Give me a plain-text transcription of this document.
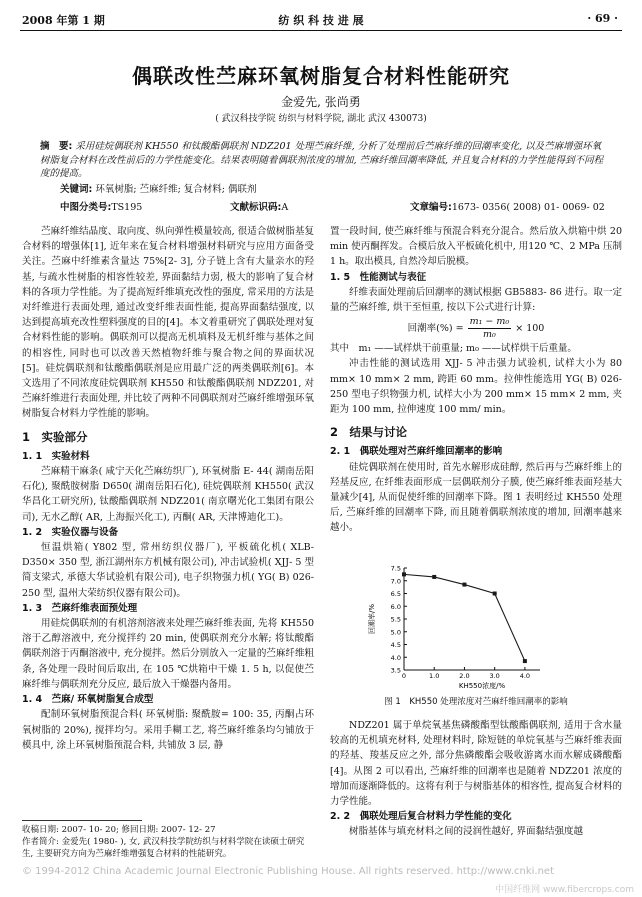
2008 年第 1 期	纺 织 科 技 进 展	· 69 ·
偶联改性苎麻环氧树脂复合材料性能研究
金爱先, 张尚勇
( 武汉科技学院 纺织与材料学院, 湖北 武汉 430073)
摘　要: 采用硅烷偶联剂 KH550 和钛酸酯偶联剂 NDZ201 处理苎麻纤维, 分析了处理前后苎麻纤维的回潮率变化, 以及苎麻增强环氧树脂复合材料在改性前后的力学性能变化。结果表明随着偶联剂浓度的增加, 苎麻纤维回潮率降低, 并且复合材料的力学性能得到不同程度的提高。
关键词: 环氧树脂; 苎麻纤维; 复合材料; 偶联剂
中图分类号:TS195	文献标识码:A	文章编号:1673- 0356( 2008) 01- 0069- 02

苎麻纤维结晶度、取向度、纵向弹性模量较高, 很适合做树脂基复合材料的增强体[1], 近年来在复合材料增强材料研究与应用方面备受关注。苎麻中纤维素含量达 75%[2- 3], 分子链上含有大量亲水的羟基, 与疏水性树脂的相容性较差, 界面黏结力弱, 极大的影响了复合材料的各项力学性能。为了提高短纤维填充改性的强度, 常采用的方法是对纤维进行表面处理, 通过改变纤维表面性能, 提高界面黏结强度, 以达到提高填充改性塑料强度的目的[4]。本文着重研究了偶联处理对复合材料性能的影响。偶联剂可以提高无机填料及无机纤维与基体之间的相容性, 同时也可以改善天然植物纤维与聚合物之间的界面状况[5]。硅烷偶联剂和钛酸酯偶联剂是应用最广泛的两类偶联剂[6]。本文选用了不同浓度硅烷偶联剂 KH550 和钛酸酯偶联剂 NDZ201, 对苎麻纤维进行表面处理, 并比较了两种不同偶联剂对苎麻纤维增强环氧树脂复合材料力学性能的影响。

1　实验部分
1. 1　实验材料

苎麻精干麻条( 咸宁天化苎麻纺织厂), 环氧树脂 E- 44( 湖南岳阳石化), 聚酰胺树脂 D650( 湖南岳阳石化), 硅烷偶联剂 KH550( 武汉华昌化工研究所), 钛酸酯偶联剂 NDZ201( 南京曙光化工集团有限公司), 无水乙醇( AR, 上海振兴化工), 丙酮( AR, 天津博迪化工)。

1. 2　实验仪器与设备

恒温烘箱( Y802 型, 常州纺织仪器厂), 平板硫化机( XLB- D350× 350 型, 浙江湖州东方机械有限公司), 冲击试验机( XJJ- 5 型简支梁式, 承德大华试验机有限公司), 电子织物强力机( YG( B) 026- 250 型, 温州大荣纺织仪器有限公司)。

1. 3　苎麻纤维表面预处理

用硅烷偶联剂的有机溶剂溶液来处理苎麻纤维表面, 先将 KH550 溶于乙醇溶液中, 充分搅拌约 20 min, 使偶联剂充分水解; 将钛酸酯偶联剂溶于丙酮溶液中, 充分搅拌。然后分别放入一定量的苎麻纤维粗条, 各处理一段时间后取出, 在 105 ℃烘箱中干燥 1. 5 h, 以促使苎麻纤维与偶联剂充分反应, 最后放入干燥器内备用。

1. 4　苎麻/ 环氧树脂复合成型

配制环氧树脂预混合料( 环氧树脂: 聚酰胺= 100: 35, 丙酮占环氧树脂的 20%), 搅拌均匀。采用手糊工艺, 将苎麻纤维条均匀铺放于模具中, 涂上环氧树脂预混合料, 共铺放 3 层, 静

收稿日期: 2007- 10- 20; 修回日期: 2007- 12- 27
作者简介: 金爱先( 1980- ), 女, 武汉科技学院纺织与材料学院在读硕士研究生, 主要研究方向为苎麻纤维增强复合材料的性能研究。

置一段时间, 使苎麻纤维与预混合料充分混合。然后放入烘箱中烘 20 min 使丙酮挥发。合模后放入平板硫化机中, 用120 ℃、2 MPa 压制 1 h。取出模具, 自然冷却后脱模。

1. 5　性能测试与表征

纤维表面处理前后回潮率的测试根据 GB5883- 86 进行。取一定量的苎麻纤维, 烘干至恒重, 按以下公式进行计算:

回潮率(%) = $\frac{\text{m₁ − m₀}}{\text{m₀}} \times 100$

其中　m₁ ——试样烘干前重量; m₀ ——试样烘干后重量。

冲击性能的测试选用 XJJ- 5 冲击强力试验机, 试样大小为 80 mm× 10 mm× 2 mm, 跨距 60 mm。拉伸性能选用 YG( B) 026- 250 型电子织物强力机, 试样大小为 200 mm× 15 mm× 2 mm, 夹距为 100 mm, 拉伸速度 100 mm/ min。

2　结果与讨论
2. 1　偶联处理对苎麻纤维回潮率的影响

硅烷偶联剂在使用时, 首先水解形成硅醇, 然后再与苎麻纤维上的羟基反应, 在纤维表面形成一层偶联剂分子膜, 使苎麻纤维表面羟基大量减少[4], 从而促使纤维的回潮率下降。图 1 表明经过 KH550 处理后, 苎麻纤维的回潮率下降, 而且随着偶联剂浓度的增加, 回潮率越来越小。

3.5
4.0
4.5
5.0
5.5
6.0
6.5
7.0
7.5
0	1.0	2.0	3.0	4.0
回潮率/%
KH550浓度/%
图 1　KH550 处理浓度对苎麻纤维回潮率的影响

NDZ201 属于单烷氧基焦磷酸酯型钛酸酯偶联剂, 适用于含水量较高的无机填充材料, 处理材料时, 除短链的单烷氧基与苎麻纤维表面的羟基、羧基反应之外, 部分焦磷酸酯会吸收游离水而水解成磷酸酯[4]。从图 2 可以看出, 苎麻纤维的回潮率也是随着 NDZ201 浓度的增加而逐渐降低的。这将有利于与树脂基体的相容性, 提高复合材料的力学性能。

2. 2　偶联处理后复合材料力学性能的变化

树脂基体与填充材料之间的浸润性越好, 界面黏结强度越

© 1994-2012 China Academic Journal Electronic Publishing House. All rights reserved. http://www.cnki.net
中国纤维网 www.fibercrops.com
